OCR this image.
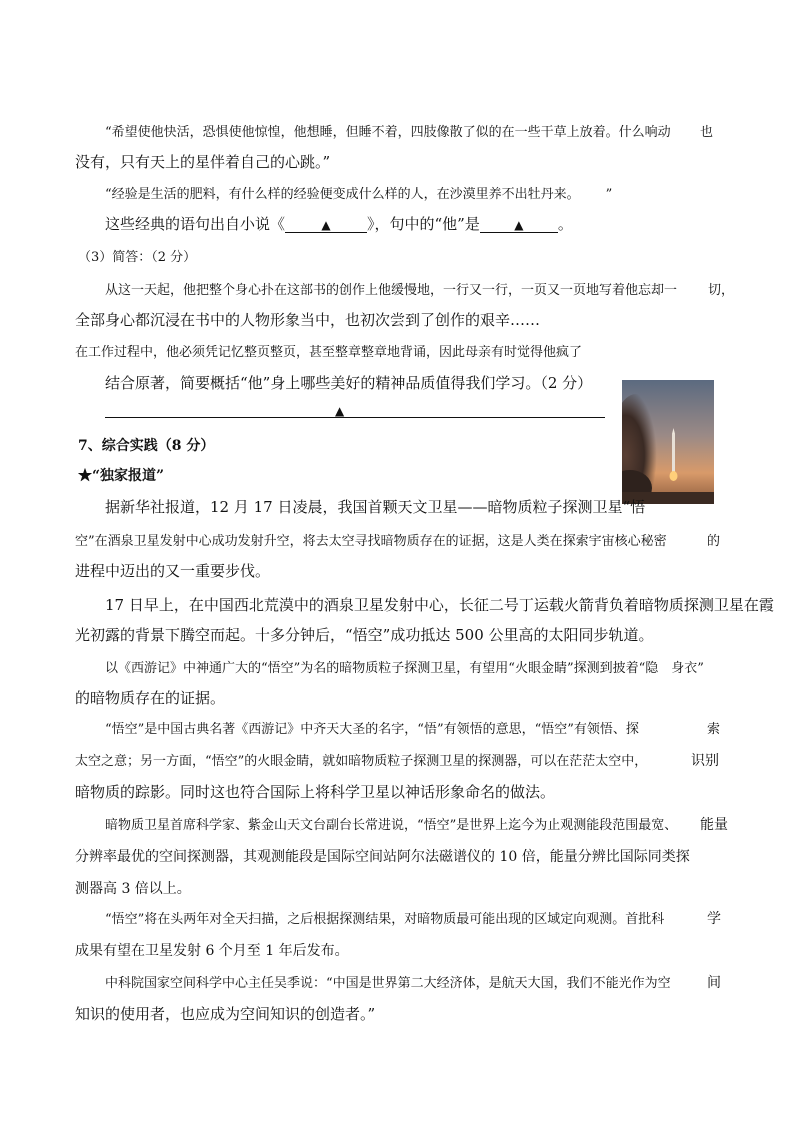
“希望使他快活，恐惧使他惊惶，他想睡，但睡不着，四肢像散了似的在一些干草上放着。什么响动 也
没有，只有天上的星伴着自己的心跳。”
“经验是生活的肥料，有什么样的经验便变成什么样的人，在沙漠里养不出牡丹来。 ”
这些经典的语句出自小说《	▲ 》，句中的“他”是	▲ 。
（3）简答：（2 分）
从这一天起，他把整个身心扑在这部书的创作上他缓慢地，一行又一行，一页又一页地写着他忘却一 切，
全部身心都沉浸在书中的人物形象当中，也初次尝到了创作的艰辛……
在工作过程中，他必须凭记忆整页整页，甚至整章整章地背诵，因此母亲有时觉得他疯了
结合原著，简要概括“他”身上哪些美好的精神品质值得我们学习。（2 分）
▲
7、综合实践（8 分）
★“独家报道”
据新华社报道，12 月 17 日凌晨，我国首颗天文卫星——暗物质粒子探测卫星“悟
空”在酒泉卫星发射中心成功发射升空，将去太空寻找暗物质存在的证据，这是人类在探索宇宙核心秘密	的
进程中迈出的又一重要步伐。
17 日早上，在中国西北荒漠中的酒泉卫星发射中心，长征二号丁运载火箭背负着暗物质探测卫星在霞
光初露的背景下腾空而起。十多分钟后，“悟空”成功抵达 500 公里高的太阳同步轨道。
以《西游记》中神通广大的“悟空”为名的暗物质粒子探测卫星，有望用“火眼金睛”探测到披着“隐　身衣”
的暗物质存在的证据。
“悟空”是中国古典名著《西游记》中齐天大圣的名字，“悟”有领悟的意思，“悟空”有领悟、探	索
太空之意；另一方面，“悟空”的火眼金睛，就如暗物质粒子探测卫星的探测器，可以在茫茫太空中，	识别
暗物质的踪影。同时这也符合国际上将科学卫星以神话形象命名的做法。
暗物质卫星首席科学家、紫金山天文台副台长常进说，“悟空”是世界上迄今为止观测能段范围最宽、 能量
分辨率最优的空间探测器，其观测能段是国际空间站阿尔法磁谱仪的 10 倍，能量分辨比国际同类探
测器高 3 倍以上。
“悟空”将在头两年对全天扫描，之后根据探测结果，对暗物质最可能出现的区域定向观测。首批科	学
成果有望在卫星发射 6 个月至 1 年后发布。
中科院国家空间科学中心主任吴季说：“中国是世界第二大经济体，是航天大国，我们不能光作为空	间
知识的使用者，也应成为空间知识的创造者。”
